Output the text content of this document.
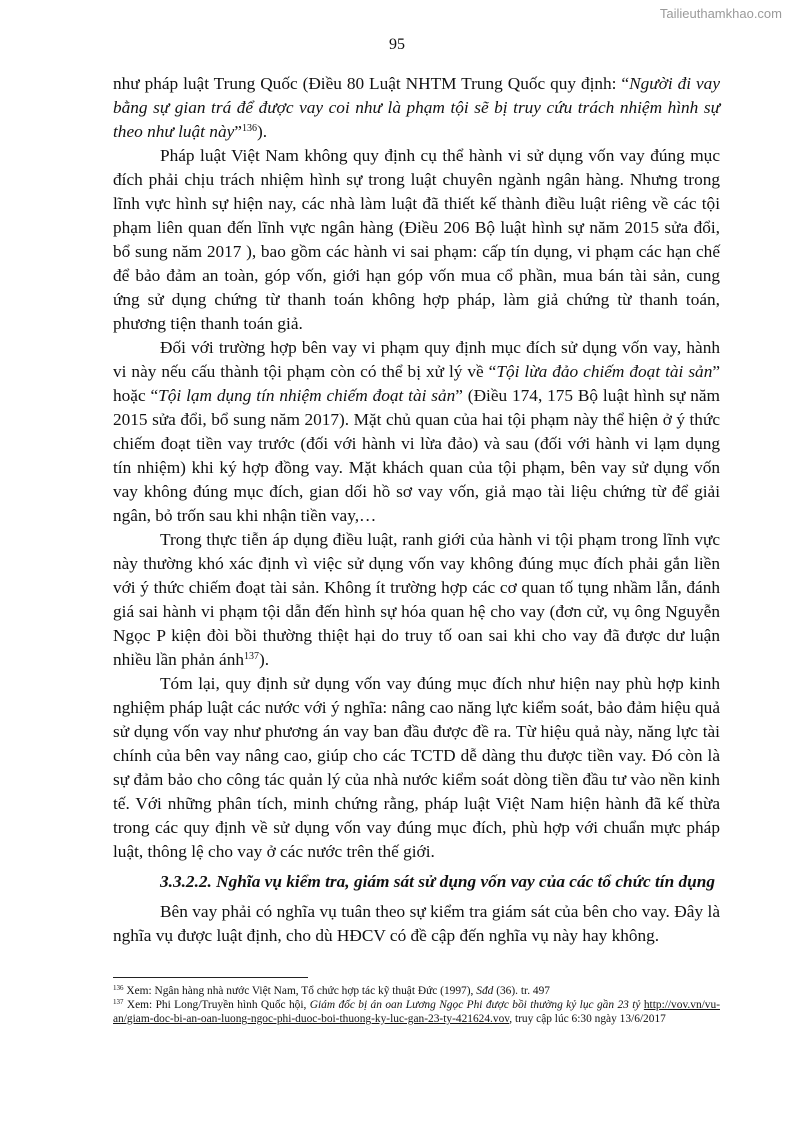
Tailieuthamkhao.com
95

như pháp luật Trung Quốc (Điều 80 Luật NHTM Trung Quốc quy định: “Người đi vay bằng sự gian trá để được vay coi như là phạm tội sẽ bị truy cứu trách nhiệm hình sự theo như luật này”$^{136}$).

Pháp luật Việt Nam không quy định cụ thể hành vi sử dụng vốn vay đúng mục đích phải chịu trách nhiệm hình sự trong luật chuyên ngành ngân hàng. Nhưng trong lĩnh vực hình sự hiện nay, các nhà làm luật đã thiết kế thành điều luật riêng về các tội phạm liên quan đến lĩnh vực ngân hàng (Điều 206 Bộ luật hình sự năm 2015 sửa đổi, bổ sung năm 2017 ), bao gồm các hành vi sai phạm: cấp tín dụng, vi phạm các hạn chế để bảo đảm an toàn, góp vốn, giới hạn góp vốn mua cổ phần, mua bán tài sản, cung ứng sử dụng chứng từ thanh toán không hợp pháp, làm giả chứng từ thanh toán, phương tiện thanh toán giả.

Đối với trường hợp bên vay vi phạm quy định mục đích sử dụng vốn vay, hành vi này nếu cấu thành tội phạm còn có thể bị xử lý về “Tội lừa đảo chiếm đoạt tài sản” hoặc “Tội lạm dụng tín nhiệm chiếm đoạt tài sản” (Điều 174, 175 Bộ luật hình sự năm 2015 sửa đổi, bổ sung năm 2017). Mặt chủ quan của hai tội phạm này thể hiện ở ý thức chiếm đoạt tiền vay trước (đối với hành vi lừa đảo) và sau (đối với hành vi lạm dụng tín nhiệm) khi ký hợp đồng vay. Mặt khách quan của tội phạm, bên vay sử dụng vốn vay không đúng mục đích, gian dối hồ sơ vay vốn, giả mạo tài liệu chứng từ để giải ngân, bỏ trốn sau khi nhận tiền vay,…

Trong thực tiễn áp dụng điều luật, ranh giới của hành vi tội phạm trong lĩnh vực này thường khó xác định vì việc sử dụng vốn vay không đúng mục đích phải gắn liền với ý thức chiếm đoạt tài sản. Không ít trường hợp các cơ quan tố tụng nhầm lẫn, đánh giá sai hành vi phạm tội dẫn đến hình sự hóa quan hệ cho vay (đơn cử, vụ ông Nguyễn Ngọc P kiện đòi bồi thường thiệt hại do truy tố oan sai khi cho vay đã được dư luận nhiều lần phản ánh$^{137}$).

Tóm lại, quy định sử dụng vốn vay đúng mục đích như hiện nay phù hợp kinh nghiệm pháp luật các nước với ý nghĩa: nâng cao năng lực kiểm soát, bảo đảm hiệu quả sử dụng vốn vay như phương án vay ban đầu được đề ra. Từ hiệu quả này, năng lực tài chính của bên vay nâng cao, giúp cho các TCTD dễ dàng thu được tiền vay. Đó còn là sự đảm bảo cho công tác quản lý của nhà nước kiểm soát dòng tiền đầu tư vào nền kinh tế. Với những phân tích, minh chứng rằng, pháp luật Việt Nam hiện hành đã kế thừa trong các quy định về sử dụng vốn vay đúng mục đích, phù hợp với chuẩn mực pháp luật, thông lệ cho vay ở các nước trên thế giới.

3.3.2.2. Nghĩa vụ kiểm tra, giám sát sử dụng vốn vay của các tổ chức tín dụng

Bên vay phải có nghĩa vụ tuân theo sự kiểm tra giám sát của bên cho vay. Đây là nghĩa vụ được luật định, cho dù HĐCV có đề cập đến nghĩa vụ này hay không.

$^{136}$ Xem: Ngân hàng nhà nước Việt Nam, Tổ chức hợp tác kỹ thuật Đức (1997), Sđd (36). tr. 497

$^{137}$ Xem: Phi Long/Truyền hình Quốc hội, Giám đốc bị án oan Lương Ngọc Phi được bồi thường kỷ lục gần 23 tỷ http://vov.vn/vu-an/giam-doc-bi-an-oan-luong-ngoc-phi-duoc-boi-thuong-ky-luc-gan-23-ty-421624.vov, truy cập lúc 6:30 ngày 13/6/2017
